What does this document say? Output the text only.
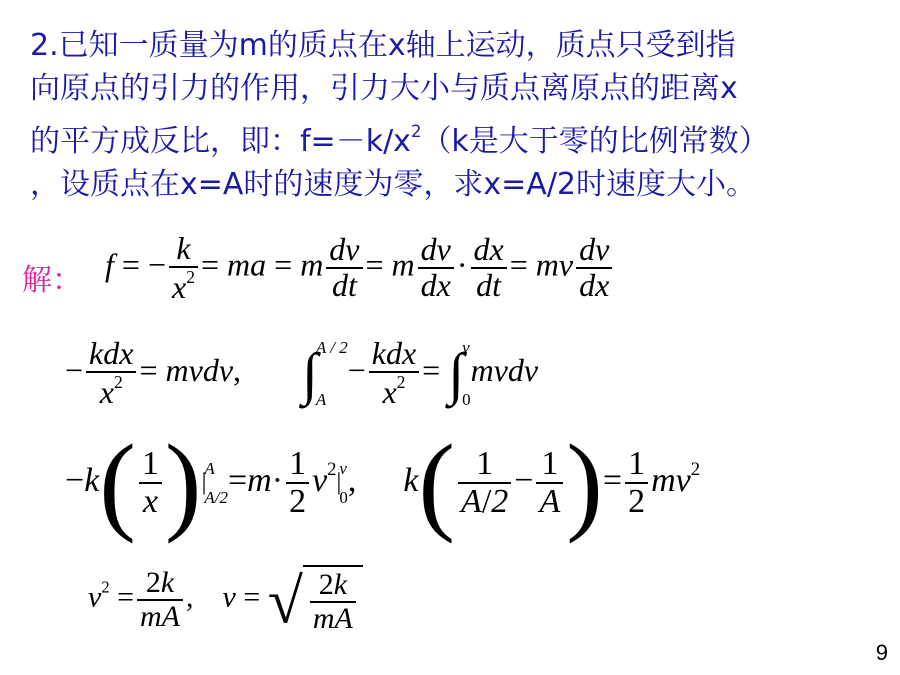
2.已知一质量为m的质点在x轴上运动，质点只受到指
向原点的引力的作用，引力大小与质点离原点的距离x
的平方成反比，即：$f=-k/x^2(k$是大于零的比例常数）
，设质点在x=A时的速度为零，求x=A/2时速度大小。
解： f = − $\frac{k}{x^2}$ = ma = m $\frac{dv}{dt} = m \frac{dv}{dx} \cdot \frac{dx}{dt}$ = mv $\frac{dv}{dx}$
− $\frac{\text{kdx}}{x^2}$ = mvdv, ∫
A / 2
A
− $\frac{\text{kdx}}{x^2}$ = ∫
v
0
mvdv
$-k( \frac{1}{x}$ )|
A
$A/2 =m\cdot \frac{1}{2} v^2|$
v
0 , $k( \frac{1}{A/2} - \frac{1}{A}$ )= $\frac{1}{2} mv^2$
$v^2 = \frac{2k}{mA}$ , v = √ $\frac{2k}{mA}$
9
